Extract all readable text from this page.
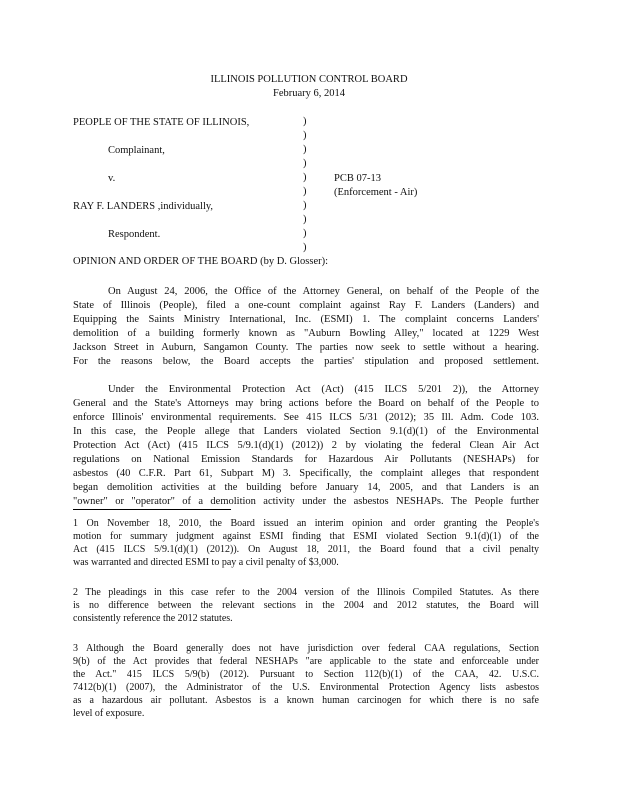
ILLINOIS POLLUTION CONTROL BOARD
February 6, 2014
PEOPLE OF THE STATE OF ILLINOIS,
Complainant,
v.	PCB 07-13
(Enforcement - Air)
RAY F. LANDERS ,individually,
Respondent.
)
)
)
)
)
)
)
)
)
)
OPINION AND ORDER OF THE BOARD (by D. Glosser):
On August 24, 2006, the Office of the Attorney General, on behalf of the People of the
State of Illinois (People), filed a one-count complaint against Ray F. Landers (Landers) and
Equipping the Saints Ministry International, Inc. (ESMI) 1. The complaint concerns Landers'
demolition of a building formerly known as "Auburn Bowling Alley," located at 1229 West
Jackson Street in Auburn, Sangamon County. The parties now seek to settle without a hearing.
For the reasons below, the Board accepts the parties' stipulation and proposed settlement.
Under the Environmental Protection Act (Act) (415 ILCS 5/201 2)), the Attorney
General and the State's Attorneys may bring actions before the Board on behalf of the People to
enforce Illinois' environmental requirements. See 415 ILCS 5/31 (2012); 35 Ill. Adm. Code 103.
In this case, the People allege that Landers violated Section 9.1(d)(1) of the Environmental
Protection Act (Act) (415 ILCS 5/9.1(d)(1) (2012)) 2 by violating the federal Clean Air Act
regulations on National Emission Standards for Hazardous Air Pollutants (NESHAPs) for
asbestos (40 C.F.R. Part 61, Subpart M) 3. Specifically, the complaint alleges that respondent
began demolition activities at the building before January 14, 2005, and that Landers is an
"owner" or "operator" of a demolition activity under the asbestos NESHAPs. The People further
1 On November 18, 2010, the Board issued an interim opinion and order granting the People's
motion for summary judgment against ESMI finding that ESMI violated Section 9.1(d)(1) of the
Act (415 ILCS 5/9.1(d)(1) (2012)). On August 18, 2011, the Board found that a civil penalty
was warranted and directed ESMI to pay a civil penalty of $3,000.
2 The pleadings in this case refer to the 2004 version of the Illinois Compiled Statutes. As there
is no difference between the relevant sections in the 2004 and 2012 statutes, the Board will
consistently reference the 2012 statutes.
3 Although the Board generally does not have jurisdiction over federal CAA regulations, Section
9(b) of the Act provides that federal NESHAPs "are applicable to the state and enforceable under
the Act." 415 ILCS 5/9(b) (2012). Pursuant to Section 112(b)(1) of the CAA, 42. U.S.C.
7412(b)(1) (2007), the Administrator of the U.S. Environmental Protection Agency lists asbestos
as a hazardous air pollutant. Asbestos is a known human carcinogen for which there is no safe
level of exposure.
